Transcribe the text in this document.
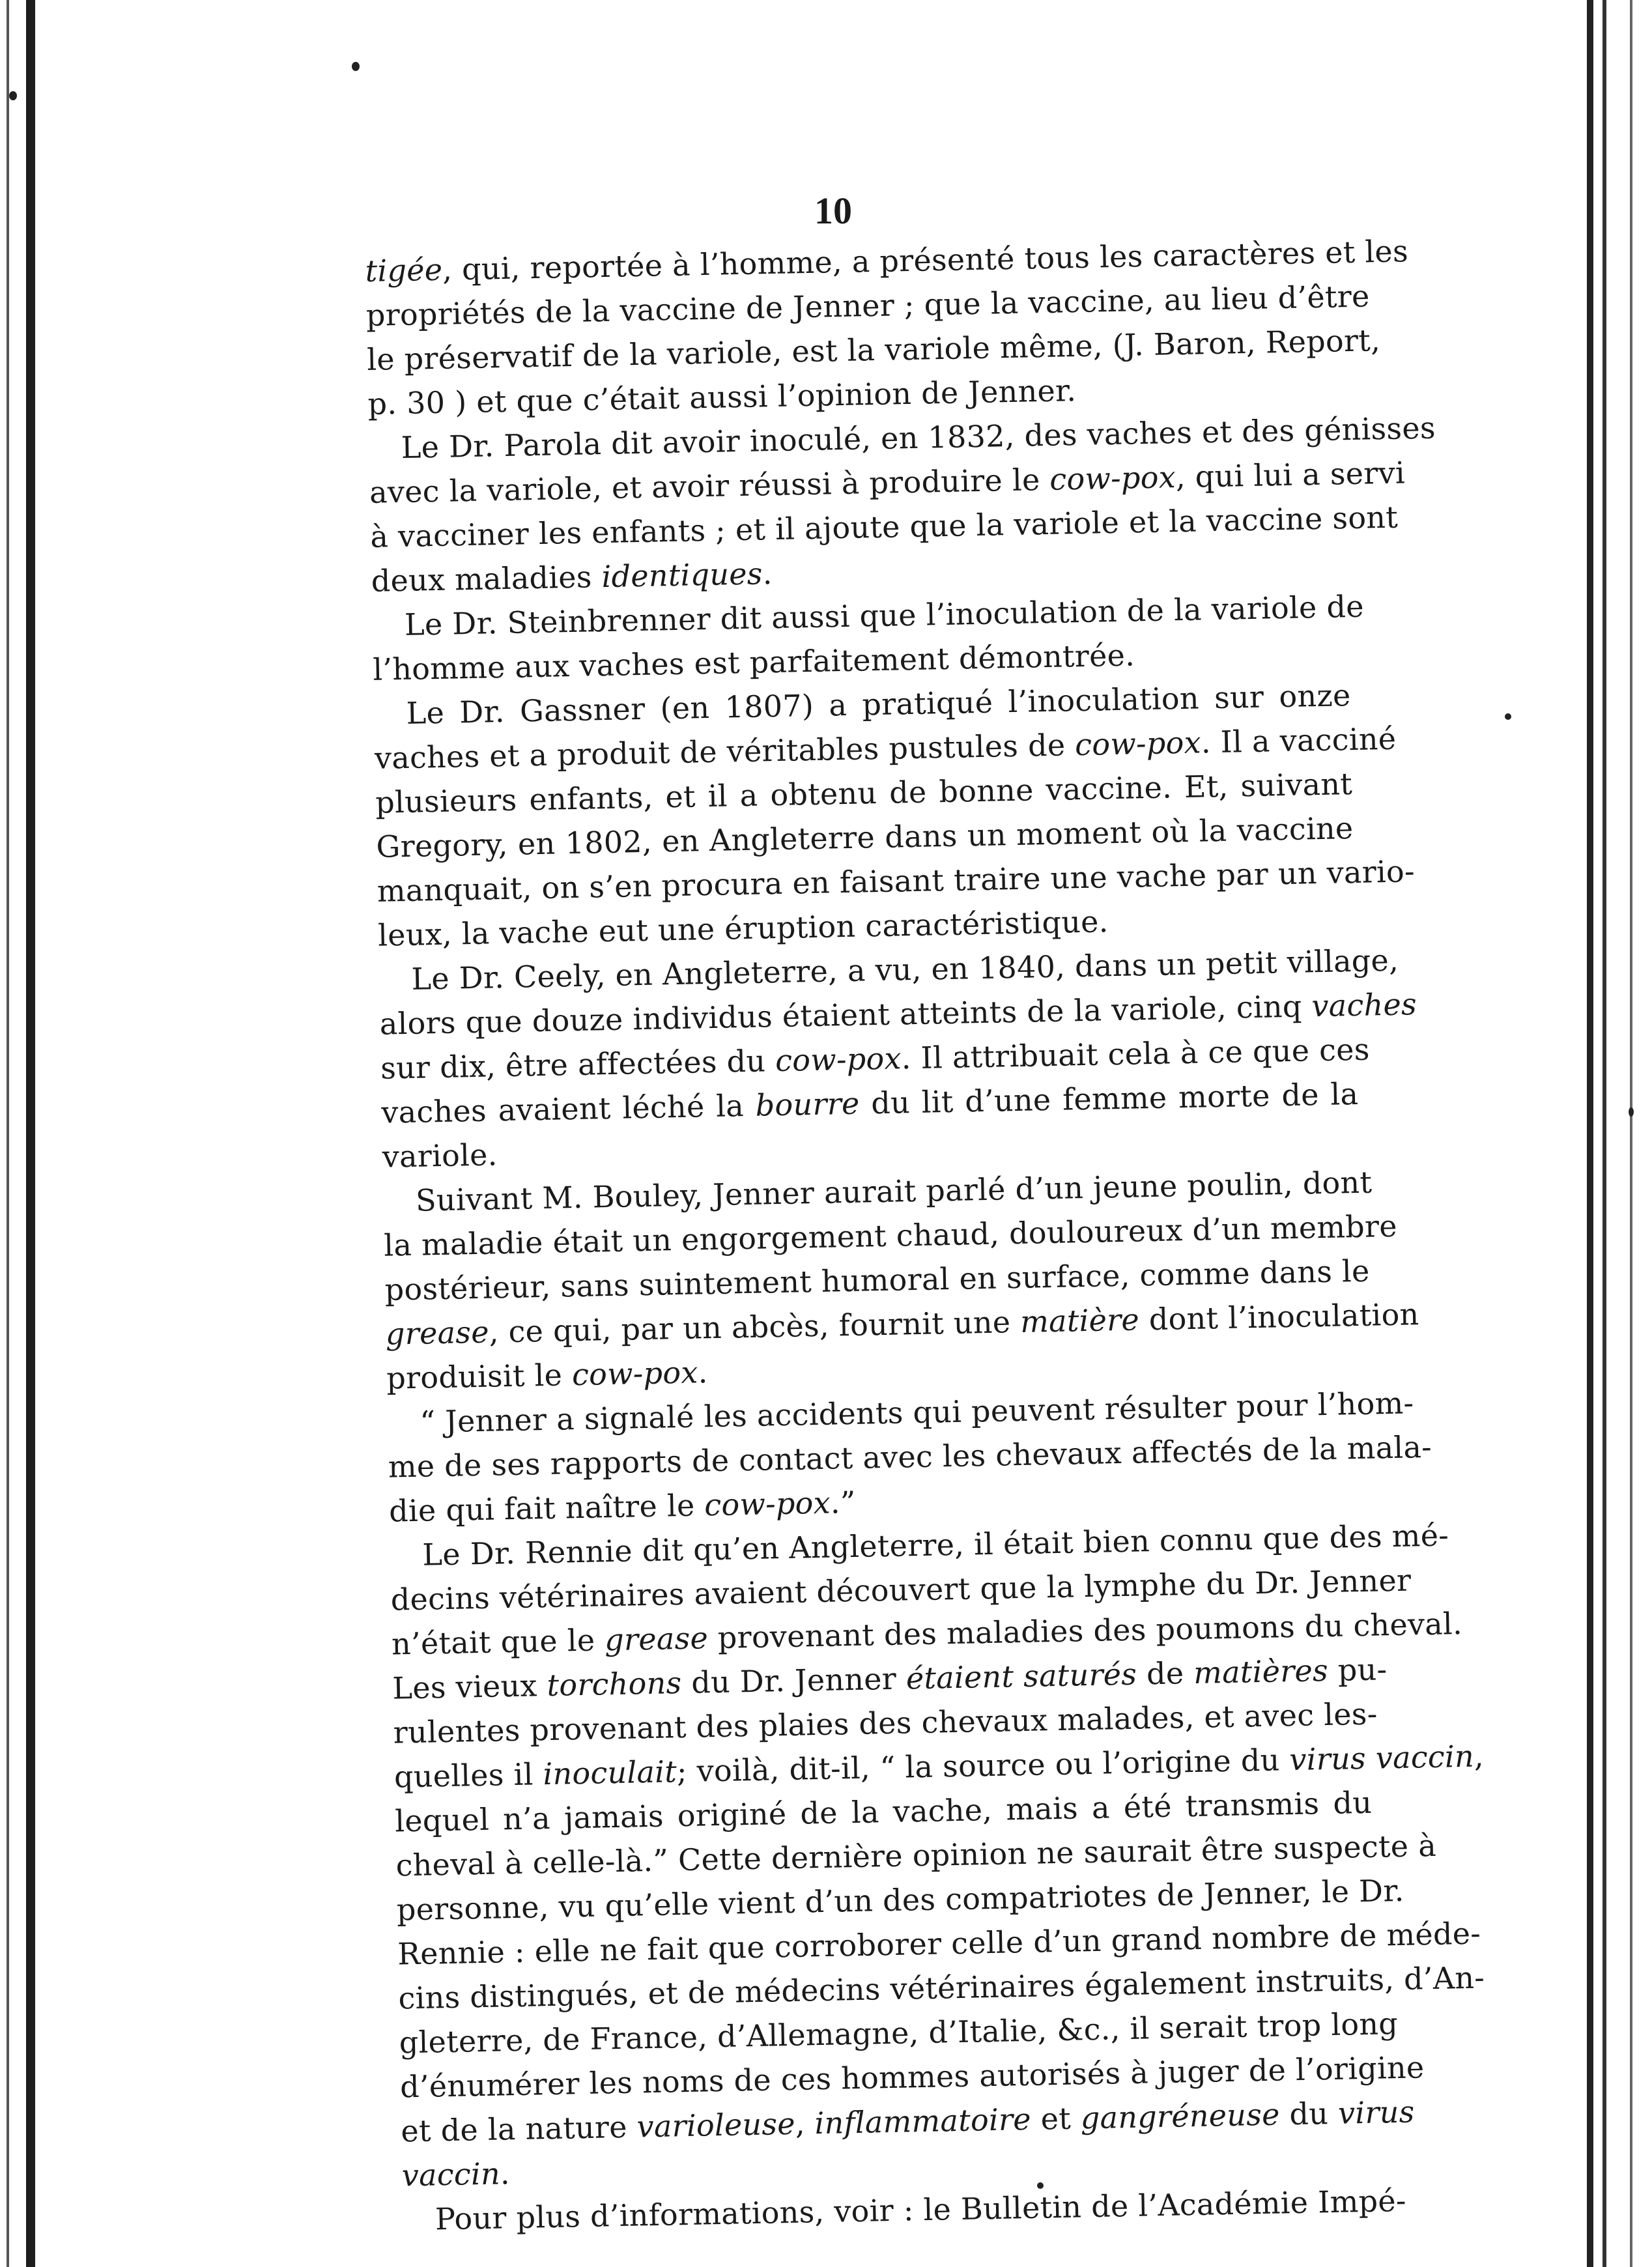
10
tigée, qui, reportée à l’homme, a présenté tous les caractères et les
propriétés de la vaccine de Jenner ; que la vaccine, au lieu d’être
le préservatif de la variole, est la variole même, (J. Baron, Report,
p. 30 ) et que c’était aussi l’opinion de Jenner.
Le Dr. Parola dit avoir inoculé, en 1832, des vaches et des génisses
avec la variole, et avoir réussi à produire le cow-pox, qui lui a servi
à vacciner les enfants ; et il ajoute que la variole et la vaccine sont
deux maladies identiques.
Le Dr. Steinbrenner dit aussi que l’inoculation de la variole de
l’homme aux vaches est parfaitement démontrée.
Le Dr. Gassner (en 1807) a pratiqué l’inoculation sur onze
vaches et a produit de véritables pustules de cow-pox. Il a vacciné
plusieurs enfants, et il a obtenu de bonne vaccine. Et, suivant
Gregory, en 1802, en Angleterre dans un moment où la vaccine
manquait, on s’en procura en faisant traire une vache par un vario-
leux, la vache eut une éruption caractéristique.
Le Dr. Ceely, en Angleterre, a vu, en 1840, dans un petit village,
alors que douze individus étaient atteints de la variole, cinq vaches
sur dix, être affectées du cow-pox. Il attribuait cela à ce que ces
vaches avaient léché la bourre du lit d’une femme morte de la
variole.
Suivant M. Bouley, Jenner aurait parlé d’un jeune poulin, dont
la maladie était un engorgement chaud, douloureux d’un membre
postérieur, sans suintement humoral en surface, comme dans le
grease, ce qui, par un abcès, fournit une matière dont l’inoculation
produisit le cow-pox.
“ Jenner a signalé les accidents qui peuvent résulter pour l’hom-
me de ses rapports de contact avec les chevaux affectés de la mala-
die qui fait naître le cow-pox.”
Le Dr. Rennie dit qu’en Angleterre, il était bien connu que des mé-
decins vétérinaires avaient découvert que la lymphe du Dr. Jenner
n’était que le grease provenant des maladies des poumons du cheval.
Les vieux torchons du Dr. Jenner étaient saturés de matières pu-
rulentes provenant des plaies des chevaux malades, et avec les-
quelles il inoculait; voilà, dit-il, “ la source ou l’origine du virus vaccin,
lequel n’a jamais originé de la vache, mais a été transmis du
cheval à celle-là.” Cette dernière opinion ne saurait être suspecte à
personne, vu qu’elle vient d’un des compatriotes de Jenner, le Dr.
Rennie : elle ne fait que corroborer celle d’un grand nombre de méde-
cins distingués, et de médecins vétérinaires également instruits, d’An-
gleterre, de France, d’Allemagne, d’Italie, &c., il serait trop long
d’énumérer les noms de ces hommes autorisés à juger de l’origine
et de la nature varioleuse, inflammatoire et gangréneuse du virus
vaccin.
Pour plus d’informations, voir : le Bulletin de l’Académie Impé-
